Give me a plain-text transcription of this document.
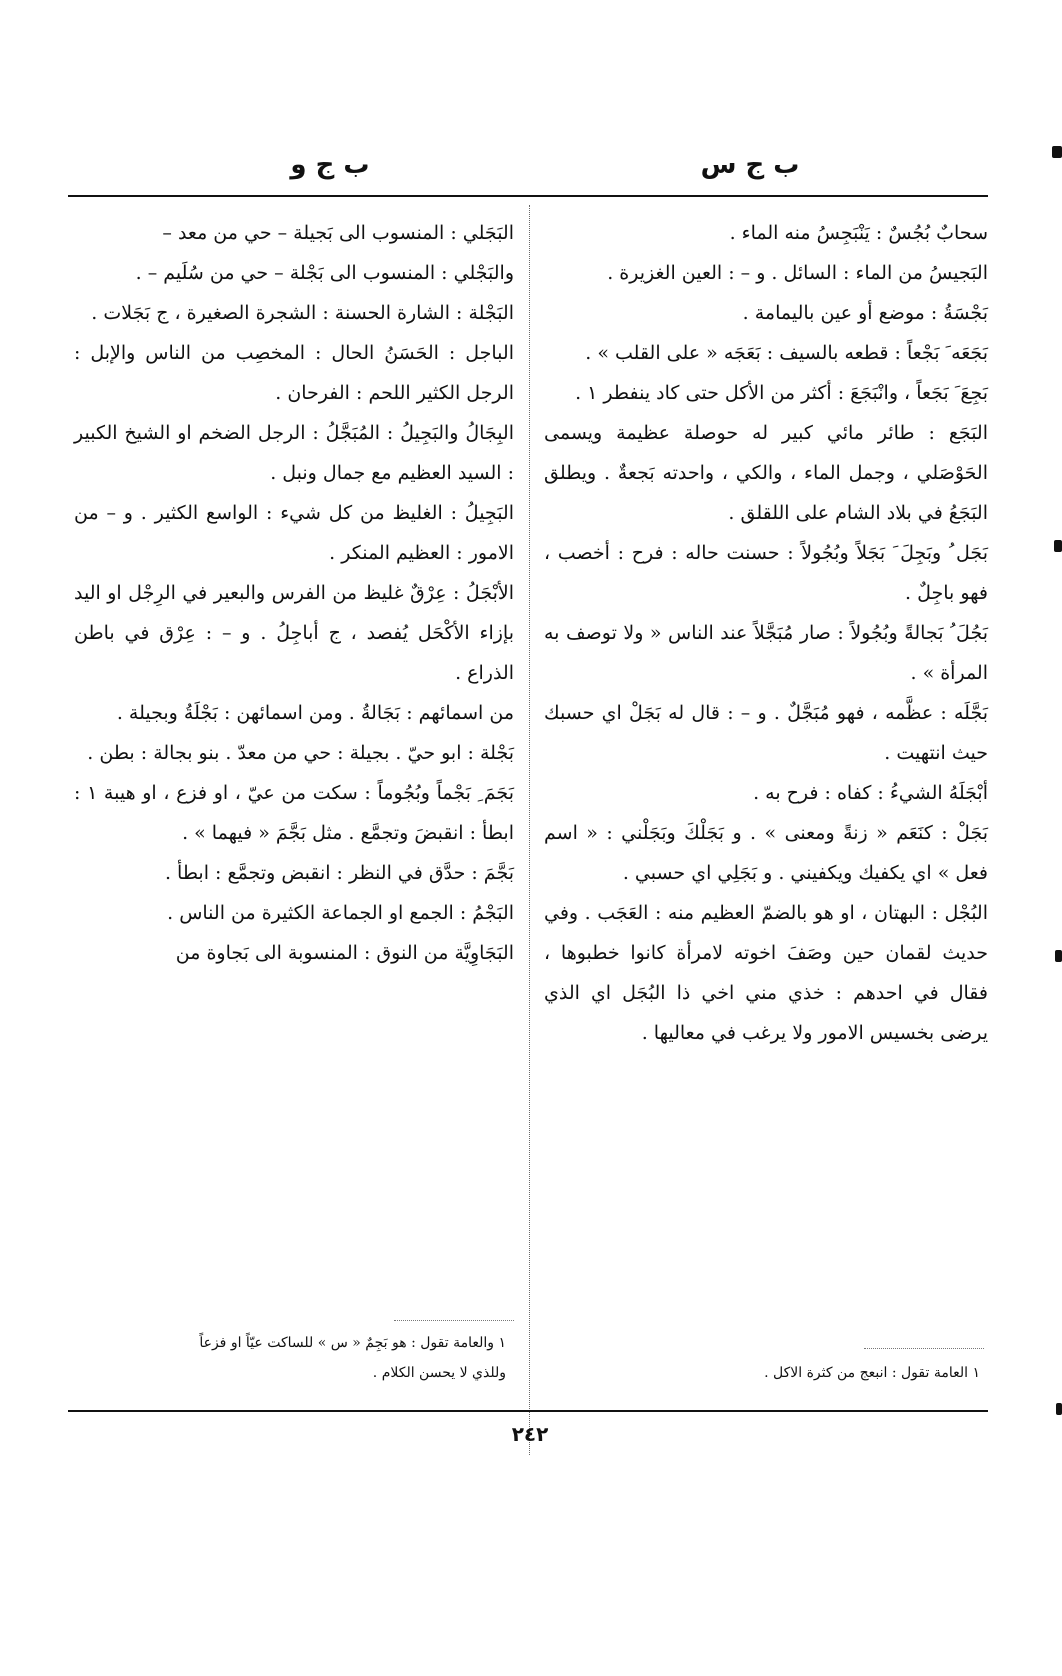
ب ج س
ب ج و
سحابٌ بُجُسٌ : يَنْبَجِسُ منه الماء .
البَجيسُ من الماء : السائل . و – : العين الغزيرة .
بَجْسَةُ : موضع أو عين باليمامة .
بَجَعَه َ بَجْعاً : قطعه بالسيف : بَعَجَه « على القلب » .
بَجِعَ َ بَجَعاً ، وانْبَجَعَ : أكثر من الأكل حتى كاد ينفطر ١ .
البَجَع : طائر مائي كبير له حوصلة عظيمة ويسمى الحَوْصَلي ، وجمل الماء ، والكي ، واحدته بَجعةٌ . ويطلق البَجَعُ في بلاد الشام على اللقلق .
بَجَل ُ وبَجِلَ َ بَجَلاً وبُجُولاً : حسنت حاله : فرح : أخصب ، فهو باجِلٌ .
بَجُلَ ُ بَجالةً وبُجُولاً : صار مُبَجَّلاً عند الناس « ولا توصف به المرأة » .
بَجَّلَه : عظَّمه ، فهو مُبَجَّلٌ . و – : قال له بَجَلْ اي حسبك حيث انتهيت .
أبْجَلَهُ الشيءُ : كفاه : فرح به .
بَجَلْ : كنَعَم « زنةً ومعنى » . و بَجَلْكَ وبَجَلْني : « اسم فعل » اي يكفيك ويكفيني . و بَجَلِي اي حسبي .
البُجْل : البهتان ، او هو بالضمّ العظيم منه : العَجَب . وفي حديث لقمان حين وصَفَ اخوته لامرأة كانوا خطبوها ، فقال في احدهم : خذي مني اخي ذا البُجَل اي الذي يرضى بخسيس الامور ولا يرغب في معاليها .
البَجَلي : المنسوب الى بَجيلة – حي من معد –
والبَجْلي : المنسوب الى بَجْلة – حي من سُلَيم – .
البَجْلة : الشارة الحسنة : الشجرة الصغيرة ، ج بَجَلات .
الباجل : الحَسَنُ الحال : المخصِب من الناس والإبل : الرجل الكثير اللحم : الفرحان .
البِجَالُ والبَجِيلُ : المُبَجَّلُ : الرجل الضخم او الشيخ الكبير : السيد العظيم مع جمال ونبل .
البَجِيلُ : الغليظ من كل شيء : الواسع الكثير . و – من الامور : العظيم المنكر .
الأبْجَلُ : عِرْقٌ غليظ من الفرس والبعير في الرِجْل او اليد بإزاء الأكْحَل يُفصد ، ج أباجِلُ . و – : عِرْق في باطن الذراع .
من اسمائهم : بَجَالةُ . ومن اسمائهن : بَجْلَةُ وبجيلة .
بَجْلة : ابو حيّ . بجيلة : حي من معدّ . بنو بجالة : بطن .
بَجَمَ ِ بَجْماً وبُجُوماً : سكت من عيّ ، او فزع ، او هيبة ١ : ابطأ : انقبضَ وتجمَّع . مثل بَجَّمَ « فيهما » .
بَجَّمَ : حدَّق في النظر : انقبض وتجمَّع : ابطأ .
البَجْمُ : الجمع او الجماعة الكثيرة من الناس .
البَجَاوِيَّة من النوق : المنسوبة الى بَجاوة من
١ العامة تقول : انبعج من كثرة الاكل .
١ والعامة تقول : هو بَجِمٌ « س » للساكت عيّاً او فزعاً
وللذي لا يحسن الكلام .
٢٤٢
